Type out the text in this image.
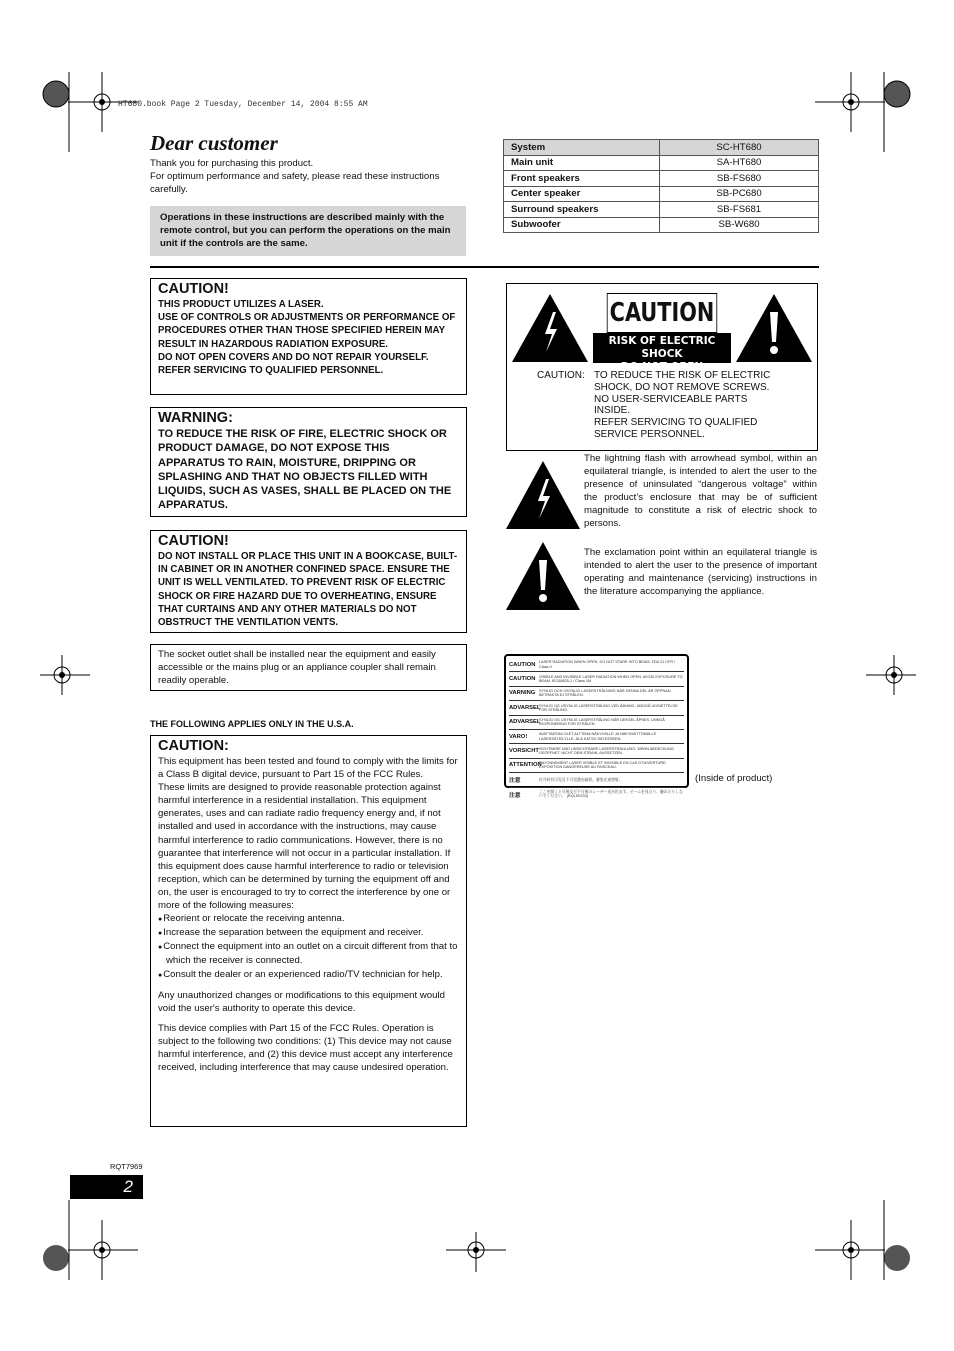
HT680.book Page 2 Tuesday, December 14, 2004 8:55 AM
Dear customer
Thank you for purchasing this product.
For optimum performance and safety, please read these instructions carefully.
Operations in these instructions are described mainly with the remote control, but you can perform the operations on the main unit if the controls are the same.
System	SC-HT680
Main unit	SA-HT680
Front speakers	SB-FS680
Center speaker	SB-PC680
Surround speakers	SB-FS681
Subwoofer	SB-W680
CAUTION!

THIS PRODUCT UTILIZES A LASER.

USE OF CONTROLS OR ADJUSTMENTS OR PERFORMANCE OF PROCEDURES OTHER THAN THOSE SPECIFIED HEREIN MAY RESULT IN HAZARDOUS RADIATION EXPOSURE.

DO NOT OPEN COVERS AND DO NOT REPAIR YOURSELF. REFER SERVICING TO QUALIFIED PERSONNEL.

WARNING:

TO REDUCE THE RISK OF FIRE, ELECTRIC SHOCK OR PRODUCT DAMAGE, DO NOT EXPOSE THIS APPARATUS TO RAIN, MOISTURE, DRIPPING OR SPLASHING AND THAT NO OBJECTS FILLED WITH LIQUIDS, SUCH AS VASES, SHALL BE PLACED ON THE APPARATUS.

CAUTION!

DO NOT INSTALL OR PLACE THIS UNIT IN A BOOKCASE, BUILT-IN CABINET OR IN ANOTHER CONFINED SPACE. ENSURE THE UNIT IS WELL VENTILATED. TO PREVENT RISK OF ELECTRIC SHOCK OR FIRE HAZARD DUE TO OVERHEATING, ENSURE THAT CURTAINS AND ANY OTHER MATERIALS DO NOT OBSTRUCT THE VENTILATION VENTS.

The socket outlet shall be installed near the equipment and easily accessible or the mains plug or an appliance coupler shall remain readily operable.

THE FOLLOWING APPLIES ONLY IN THE U.S.A.
CAUTION:

This equipment has been tested and found to comply with the limits for a Class B digital device, pursuant to Part 15 of the FCC Rules.

These limits are designed to provide reasonable protection against harmful interference in a residential installation. This equipment generates, uses and can radiate radio frequency energy and, if not installed and used in accordance with the instructions, may cause harmful interference to radio communications. However, there is no guarantee that interference will not occur in a particular installation. If this equipment does cause harmful interference to radio or television reception, which can be determined by turning the equipment off and on, the user is encouraged to try to correct the interference by one or more of the following measures:

● Reorient or relocate the receiving antenna.
● Increase the separation between the equipment and receiver.
● Connect the equipment into an outlet on a circuit different from that to which the receiver is connected.
● Consult the dealer or an experienced radio/TV technician for help.

Any unauthorized changes or modifications to this equipment would void the user's authority to operate this device.

This device complies with Part 15 of the FCC Rules. Operation is subject to the following two conditions: (1) This device may not cause harmful interference, and (2) this device must accept any interference received, including interference that may cause undesired operation.

CAUTION
RISK OF ELECTRIC SHOCK
DO NOT OPEN
CAUTION: TO REDUCE THE RISK OF ELECTRIC
SHOCK, DO NOT REMOVE SCREWS.
NO USER-SERVICEABLE PARTS
INSIDE.
REFER SERVICING TO QUALIFIED
SERVICE PERSONNEL.
The lightning flash with arrowhead symbol, within an equilateral triangle, is intended to alert the user to the presence of uninsulated “dangerous voltage” within the product’s enclosure that may be of sufficient magnitude to constitute a risk of electric shock to persons.
The exclamation point within an equilateral triangle is intended to alert the user to the presence of important operating and maintenance (servicing) instructions in the literature accompanying the appliance.
CAUTION LASER RADIATION WHEN OPEN. DO NOT STARE INTO BEAM. FDA 21 CFR / Class II
CAUTION VISIBLE AND INVISIBLE LASER RADIATION WHEN OPEN. AVOID EXPOSURE TO BEAM. IEC60825-1 / Class 1M
VARNING SYNLIG OCH OSYNLIG LASERSTRÅLNING NÄR DENNA DEL ÄR ÖPPNAD. BETRAKTA EJ STRÅLEN.
ADVARSEL
SYNLIG OG USYNLIG LASERSTRÅLING VED ÅBNING. UNDGÅ UDSÆTTELSE FOR STRÅLING.
ADVARSEL
SYNLIG OG USYNLIG LASERSTRÅLING NÅR DEKSEL ÅPNES. UNNGÅ EKSPONERING FOR STRÅLEN.
VARO!	AVATTAESSA OLET ALTTIINA NÄKYVÄLLE JA NÄKYMÄTTÖMÄLLE LASERSÄTEILYLLE. ÄLÄ KATSO SÄTEESEEN.
VORSICHT SICHTBARE UND UNSICHTBARE LASERSTRAHLUNG, WENN ABDECKUNG GEÖFFNET. NICHT DEM STRAHL AUSSETZEN.
ATTENTION
RAYONNEMENT LASER VISIBLE ET INVISIBLE EN CAS D'OUVERTURE. EXPOSITION DANGEREUSE AU FAISCEAU.
注意	打开时有可见及不可见激光辐射。避免光束照射。
注意
ここを開くと可視及び不可視のレーザー光が出ます。ビームを見たり、触れたりしないでください。 (RQLS0233)
(Inside of product)
RQT7969
2
